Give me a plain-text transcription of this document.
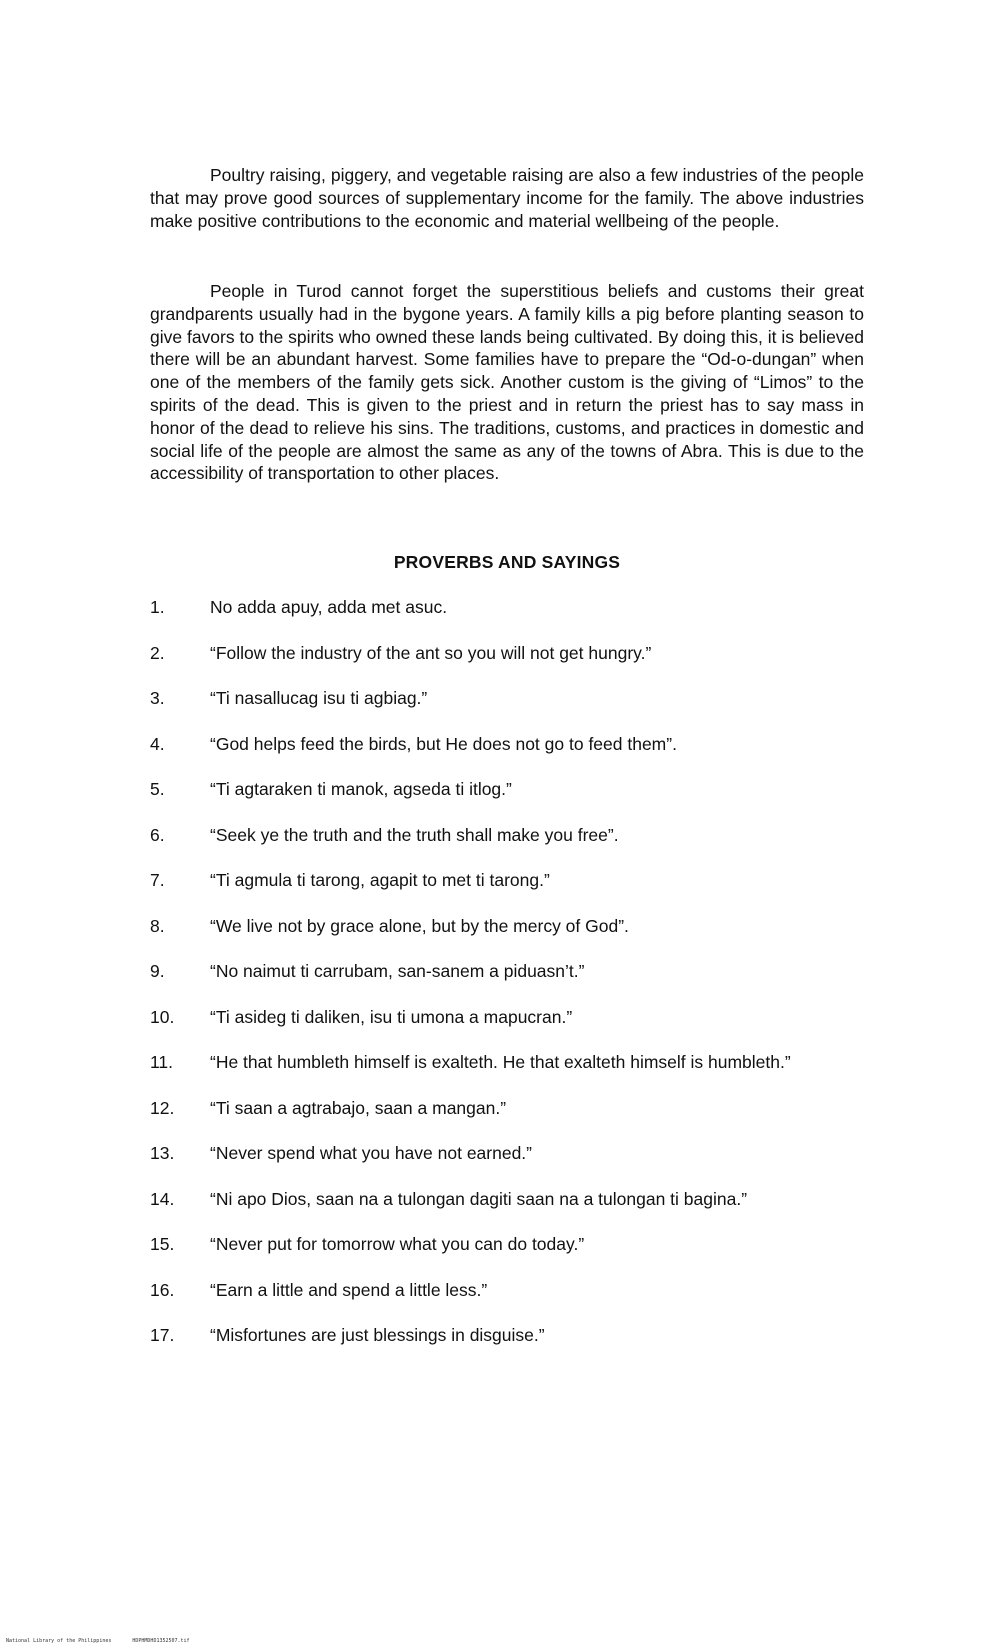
Poultry raising, piggery, and vegetable raising are also a few industries of the people that may prove good sources of supplementary income for the family. The above industries make positive contributions to the economic and material wellbeing of the people.

People in Turod cannot forget the superstitious beliefs and customs their great grandparents usually had in the bygone years. A family kills a pig before planting season to give favors to the spirits who owned these lands being cultivated. By doing this, it is believed there will be an abundant harvest. Some families have to prepare the “Od-o-dungan” when one of the members of the family gets sick. Another custom is the giving of “Limos” to the spirits of the dead. This is given to the priest and in return the priest has to say mass in honor of the dead to relieve his sins. The traditions, customs, and practices in domestic and social life of the people are almost the same as any of the towns of Abra. This is due to the accessibility of transportation to other places.

PROVERBS AND SAYINGS
1.	No adda apuy, adda met asuc.
2.	“Follow the industry of the ant so you will not get hungry.”
3.	“Ti nasallucag isu ti agbiag.”
4.	“God helps feed the birds, but He does not go to feed them”.
5.	“Ti agtaraken ti manok, agseda ti itlog.”
6.	“Seek ye the truth and the truth shall make you free”.
7.	“Ti agmula ti tarong, agapit to met ti tarong.”
8.	“We live not by grace alone, but by the mercy of God”.
9.	“No naimut ti carrubam, san-sanem a piduasn’t.”
10.	“Ti asideg ti daliken, isu ti umona a mapucran.”
11.	“He that humbleth himself is exalteth. He that exalteth himself is humbleth.”
12.	“Ti saan a agtrabajo, saan a mangan.”
13.	“Never spend what you have not earned.”
14.	“Ni apo Dios, saan na a tulongan dagiti saan na a tulongan ti bagina.”
15.	“Never put for tomorrow what you can do today.”
16.	“Earn a little and spend a little less.”
17.	“Misfortunes are just blessings in disguise.”
National Library of the Philippines	HDPHMDHD1352507.tif
